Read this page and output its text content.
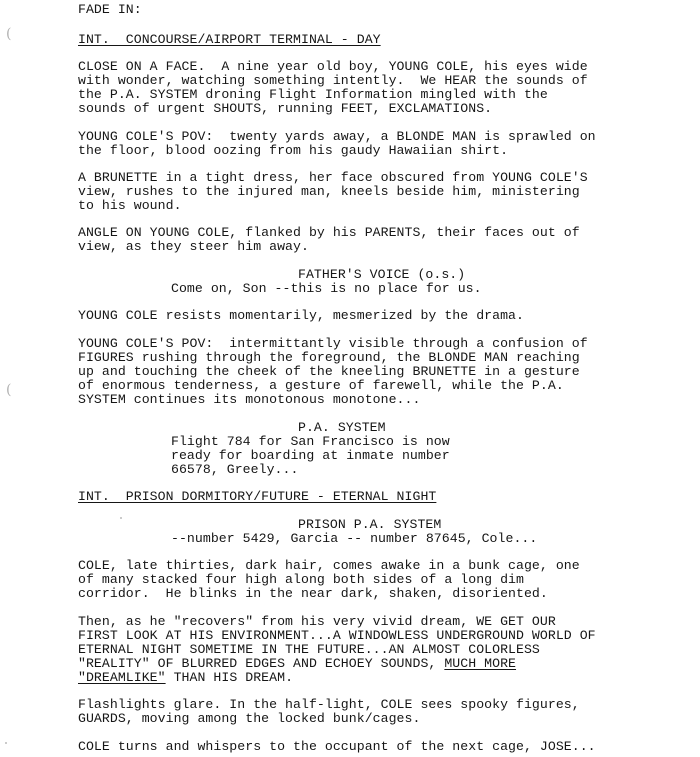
(
(
FADE IN:
INT.  CONCOURSE/AIRPORT TERMINAL - DAY
CLOSE ON A FACE.  A nine year old boy, YOUNG COLE, his eyes wide
with wonder, watching something intently.  We HEAR the sounds of
the P.A. SYSTEM droning Flight Information mingled with the
sounds of urgent SHOUTS, running FEET, EXCLAMATIONS.
YOUNG COLE'S POV:  twenty yards away, a BLONDE MAN is sprawled on
the floor, blood oozing from his gaudy Hawaiian shirt.
A BRUNETTE in a tight dress, her face obscured from YOUNG COLE'S
view, rushes to the injured man, kneels beside him, ministering
to his wound.
ANGLE ON YOUNG COLE, flanked by his PARENTS, their faces out of
view, as they steer him away.
FATHER'S VOICE (o.s.)
Come on, Son --this is no place for us.
YOUNG COLE resists momentarily, mesmerized by the drama.
YOUNG COLE'S POV:  intermittantly visible through a confusion of
FIGURES rushing through the foreground, the BLONDE MAN reaching
up and touching the cheek of the kneeling BRUNETTE in a gesture
of enormous tenderness, a gesture of farewell, while the P.A.
SYSTEM continues its monotonous monotone...
P.A. SYSTEM
Flight 784 for San Francisco is now
ready for boarding at inmate number
66578, Greely...
INT.  PRISON DORMITORY/FUTURE - ETERNAL NIGHT
PRISON P.A. SYSTEM
--number 5429, Garcia -- number 87645, Cole...
COLE, late thirties, dark hair, comes awake in a bunk cage, one
of many stacked four high along both sides of a long dim
corridor.  He blinks in the near dark, shaken, disoriented.
Then, as he "recovers" from his very vivid dream, WE GET OUR
FIRST LOOK AT HIS ENVIRONMENT...A WINDOWLESS UNDERGROUND WORLD OF
ETERNAL NIGHT SOMETIME IN THE FUTURE...AN ALMOST COLORLESS
"REALITY" OF BLURRED EDGES AND ECHOEY SOUNDS, MUCH MORE
"DREAMLIKE" THAN HIS DREAM.
Flashlights glare. In the half-light, COLE sees spooky figures,
GUARDS, moving among the locked bunk/cages.
COLE turns and whispers to the occupant of the next cage, JOSE...
